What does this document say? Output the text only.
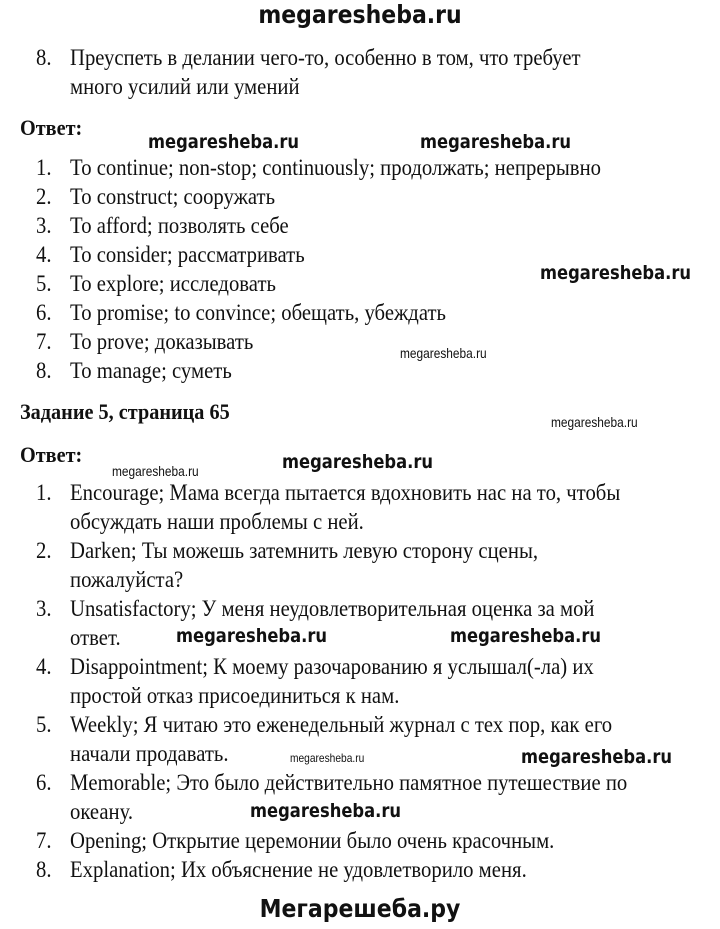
megaresheba.ru
8. Преуспеть в делании чего-то, особенно в том, что требует
много усилий или умений
Ответ:
1. To continue; non-stop; continuously; продолжать; непрерывно
2. To construct; сооружать
3. To afford; позволять себе
4. To consider; рассматривать
5. To explore; исследовать
6. To promise; to convince; обещать, убеждать
7. To prove; доказывать
8. To manage; суметь
Задание 5, страница 65
Ответ:
1. Encourage; Мама всегда пытается вдохновить нас на то, чтобы
обсуждать наши проблемы с ней.
2. Darken; Ты можешь затемнить левую сторону сцены,
пожалуйста?
3. Unsatisfactory; У меня неудовлетворительная оценка за мой
ответ.
4. Disappointment; К моему разочарованию я услышал(-ла) их
простой отказ присоединиться к нам.
5. Weekly; Я читаю это еженедельный журнал с тех пор, как его
начали продавать.
6. Memorable; Это было действительно памятное путешествие по
океану.
7. Opening; Открытие церемонии было очень красочным.
8. Explanation; Их объяснение не удовлетворило меня.
megaresheba.ru	megaresheba.ru
megaresheba.ru
megaresheba.ru
megaresheba.ru
megaresheba.ru
megaresheba.ru
megaresheba.ru	megaresheba.ru
megaresheba.ru
megaresheba.ru
megaresheba.ru
Мегарешеба.ру
